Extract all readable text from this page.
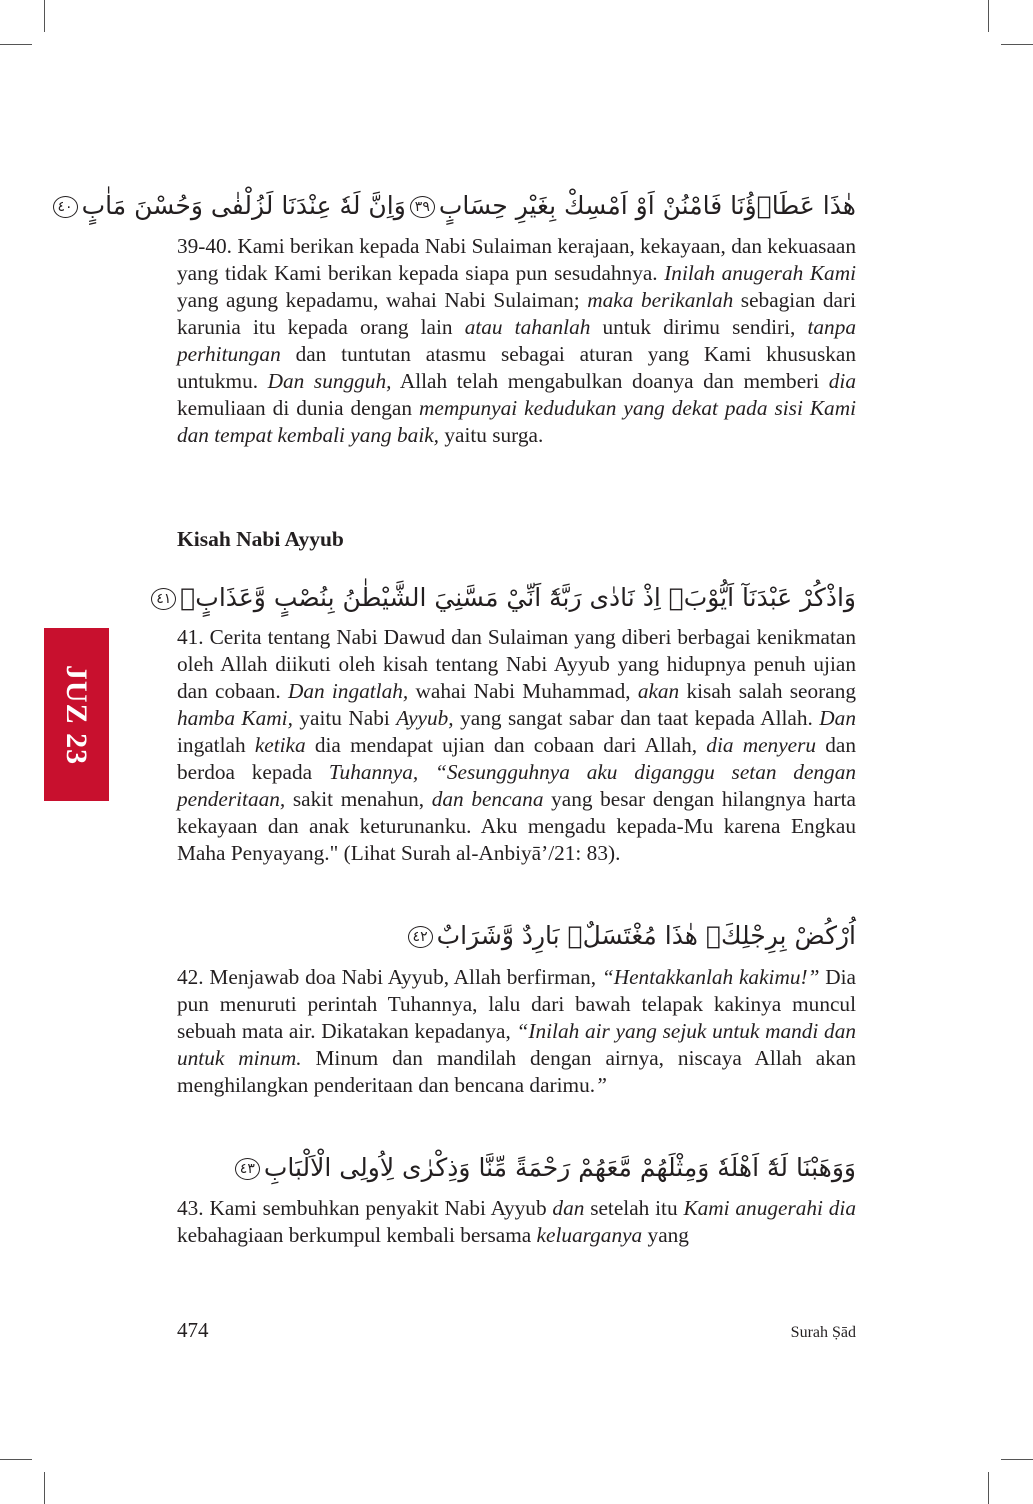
هٰذَا عَطَاۤؤُنَا فَامْنُنْ اَوْ اَمْسِكْ بِغَيْرِ حِسَابٍ٣٩وَاِنَّ لَهٗ عِنْدَنَا لَزُلْفٰى وَحُسْنَ مَاٰبٍ٤٠
39-40. Kami berikan kepada Nabi Sulaiman kerajaan, kekayaan, dan kekuasaan yang tidak Kami berikan kepada siapa pun sesudahnya. Inilah anugerah Kami yang agung kepadamu, wahai Nabi Sulaiman; maka berikanlah sebagian dari karunia itu kepada orang lain atau tahanlah untuk dirimu sendiri, tanpa perhitungan dan tuntutan atasmu sebagai aturan yang Kami khususkan untukmu. Dan sungguh, Allah telah mengabulkan doanya dan memberi dia kemuliaan di dunia dengan mempunyai kedudukan yang dekat pada sisi Kami dan tempat kembali yang baik, yaitu surga.
Kisah Nabi Ayyub
وَاذْكُرْ عَبْدَنَآ اَيُّوْبَۘ اِذْ نَادٰى رَبَّهٗٓ اَنِّيْ مَسَّنِيَ الشَّيْطٰنُ بِنُصْبٍ وَّعَذَابٍۗ٤١
41. Cerita tentang Nabi Dawud dan Sulaiman yang diberi berbagai kenikmatan oleh Allah diikuti oleh kisah tentang Nabi Ayyub yang hidupnya penuh ujian dan cobaan. Dan ingatlah, wahai Nabi Muhammad, akan kisah salah seorang hamba Kami, yaitu Nabi Ayyub, yang sangat sabar dan taat kepada Allah. Dan ingatlah ketika dia mendapat ujian dan cobaan dari Allah, dia menyeru dan berdoa kepada Tuhannya, “Sesungguhnya aku diganggu setan dengan penderitaan, sakit menahun, dan bencana yang besar dengan hilangnya harta kekayaan dan anak keturunanku. Aku mengadu kepada-Mu karena Engkau Maha Penyayang." (Lihat Surah al-Anbiyā’/21: 83).
اُرْكُضْ بِرِجْلِكَۚ هٰذَا مُغْتَسَلٌۢ بَارِدٌ وَّشَرَابٌ٤٢
42. Menjawab doa Nabi Ayyub, Allah berfirman, “Hentakkanlah kakimu!” Dia pun menuruti perintah Tuhannya, lalu dari bawah telapak kakinya muncul sebuah mata air. Dikatakan kepadanya, “Inilah air yang sejuk untuk mandi dan untuk minum. Minum dan mandilah dengan airnya, niscaya Allah akan menghilangkan penderitaan dan bencana darimu.”
وَوَهَبْنَا لَهٗٓ اَهْلَهٗ وَمِثْلَهُمْ مَّعَهُمْ رَحْمَةً مِّنَّا وَذِكْرٰى لِاُولِى الْاَلْبَابِ٤٣
43. Kami sembuhkan penyakit Nabi Ayyub dan setelah itu Kami anugerahi dia kebahagiaan berkumpul kembali bersama keluarganya yang
JUZ 23
474	Surah Ṣād
